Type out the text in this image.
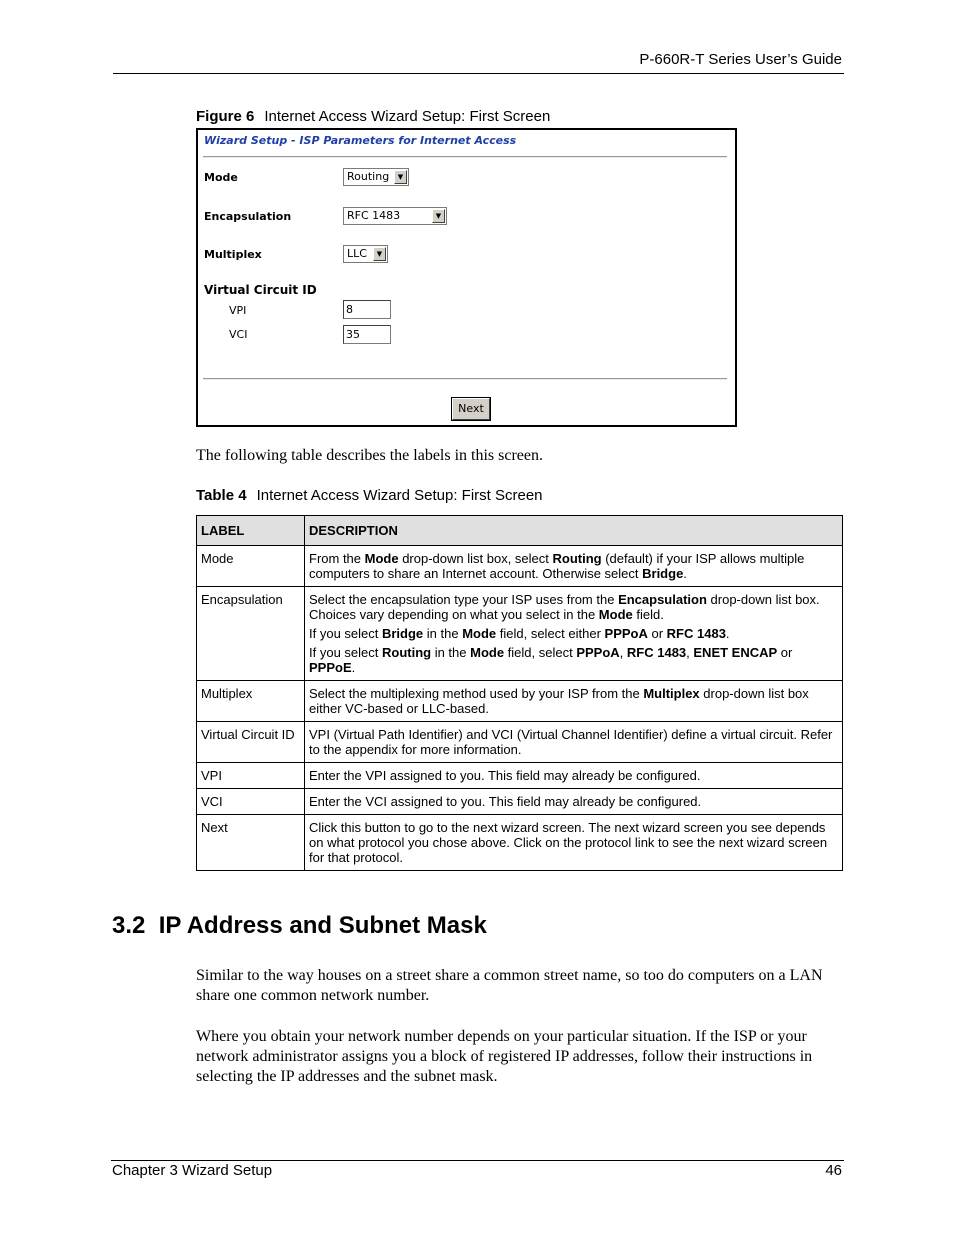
P-660R-T Series User’s Guide
Figure 6 Internet Access Wizard Setup: First Screen
Wizard Setup - ISP Parameters for Internet Access
Mode	Routing	▼
Encapsulation	RFC 1483	▼
Multiplex	LLC	▼
Virtual Circuit ID
VPI	8
VCI	35
Next
The following table describes the labels in this screen.
Table 4 Internet Access Wizard Setup: First Screen
LABEL	DESCRIPTION
Mode	From the Mode drop-down list box, select Routing (default) if your ISP allows multiple computers to share an Internet account. Otherwise select Bridge.
Encapsulation	Select the encapsulation type your ISP uses from the Encapsulation drop-down list box. Choices vary depending on what you select in the Mode field.

If you select Bridge in the Mode field, select either PPPoA or RFC 1483.

If you select Routing in the Mode field, select PPPoA, RFC 1483, ENET ENCAP or PPPoE.

Multiplex	Select the multiplexing method used by your ISP from the Multiplex drop-down list box either VC-based or LLC-based.
Virtual Circuit ID	VPI (Virtual Path Identifier) and VCI (Virtual Channel Identifier) define a virtual circuit. Refer to the appendix for more information.
VPI	Enter the VPI assigned to you. This field may already be configured.
VCI	Enter the VCI assigned to you. This field may already be configured.
Next	Click this button to go to the next wizard screen. The next wizard screen you see depends on what protocol you chose above. Click on the protocol link to see the next wizard screen for that protocol.
3.2  IP Address and Subnet Mask
Similar to the way houses on a street share a common street name, so too do computers on a LAN share one common network number.
Where you obtain your network number depends on your particular situation. If the ISP or your network administrator assigns you a block of registered IP addresses, follow their instructions in selecting the IP addresses and the subnet mask.
Chapter 3 Wizard Setup	46
